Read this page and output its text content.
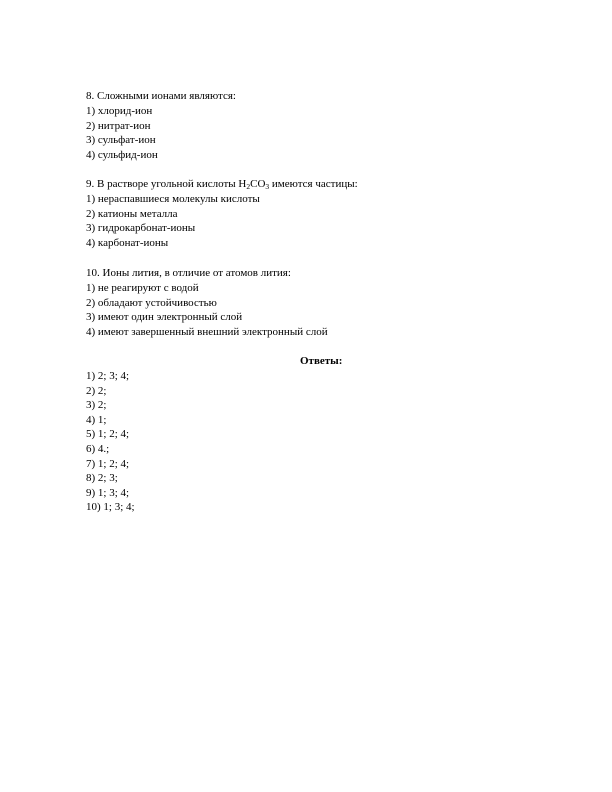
8. Сложными ионами являются:
1) хлорид-ион
2) нитрат-ион
3) сульфат-ион
4) сульфид-ион
9. В растворе угольной кислоты $H_2CO_3$ имеются частицы:
1) нераспавшиеся молекулы кислоты
2) катионы металла
3) гидрокарбонат-ионы
4) карбонат-ионы
10. Ионы лития, в отличие от атомов лития:
1) не реагируют с водой
2) обладают устойчивостью
3) имеют один электронный слой
4) имеют завершенный внешний электронный слой
Ответы:
1) 2; 3; 4;
2) 2;
3) 2;
4) 1;
5) 1; 2; 4;
6) 4.;
7) 1; 2; 4;
8) 2; 3;
9) 1; 3; 4;
10) 1; 3; 4;
